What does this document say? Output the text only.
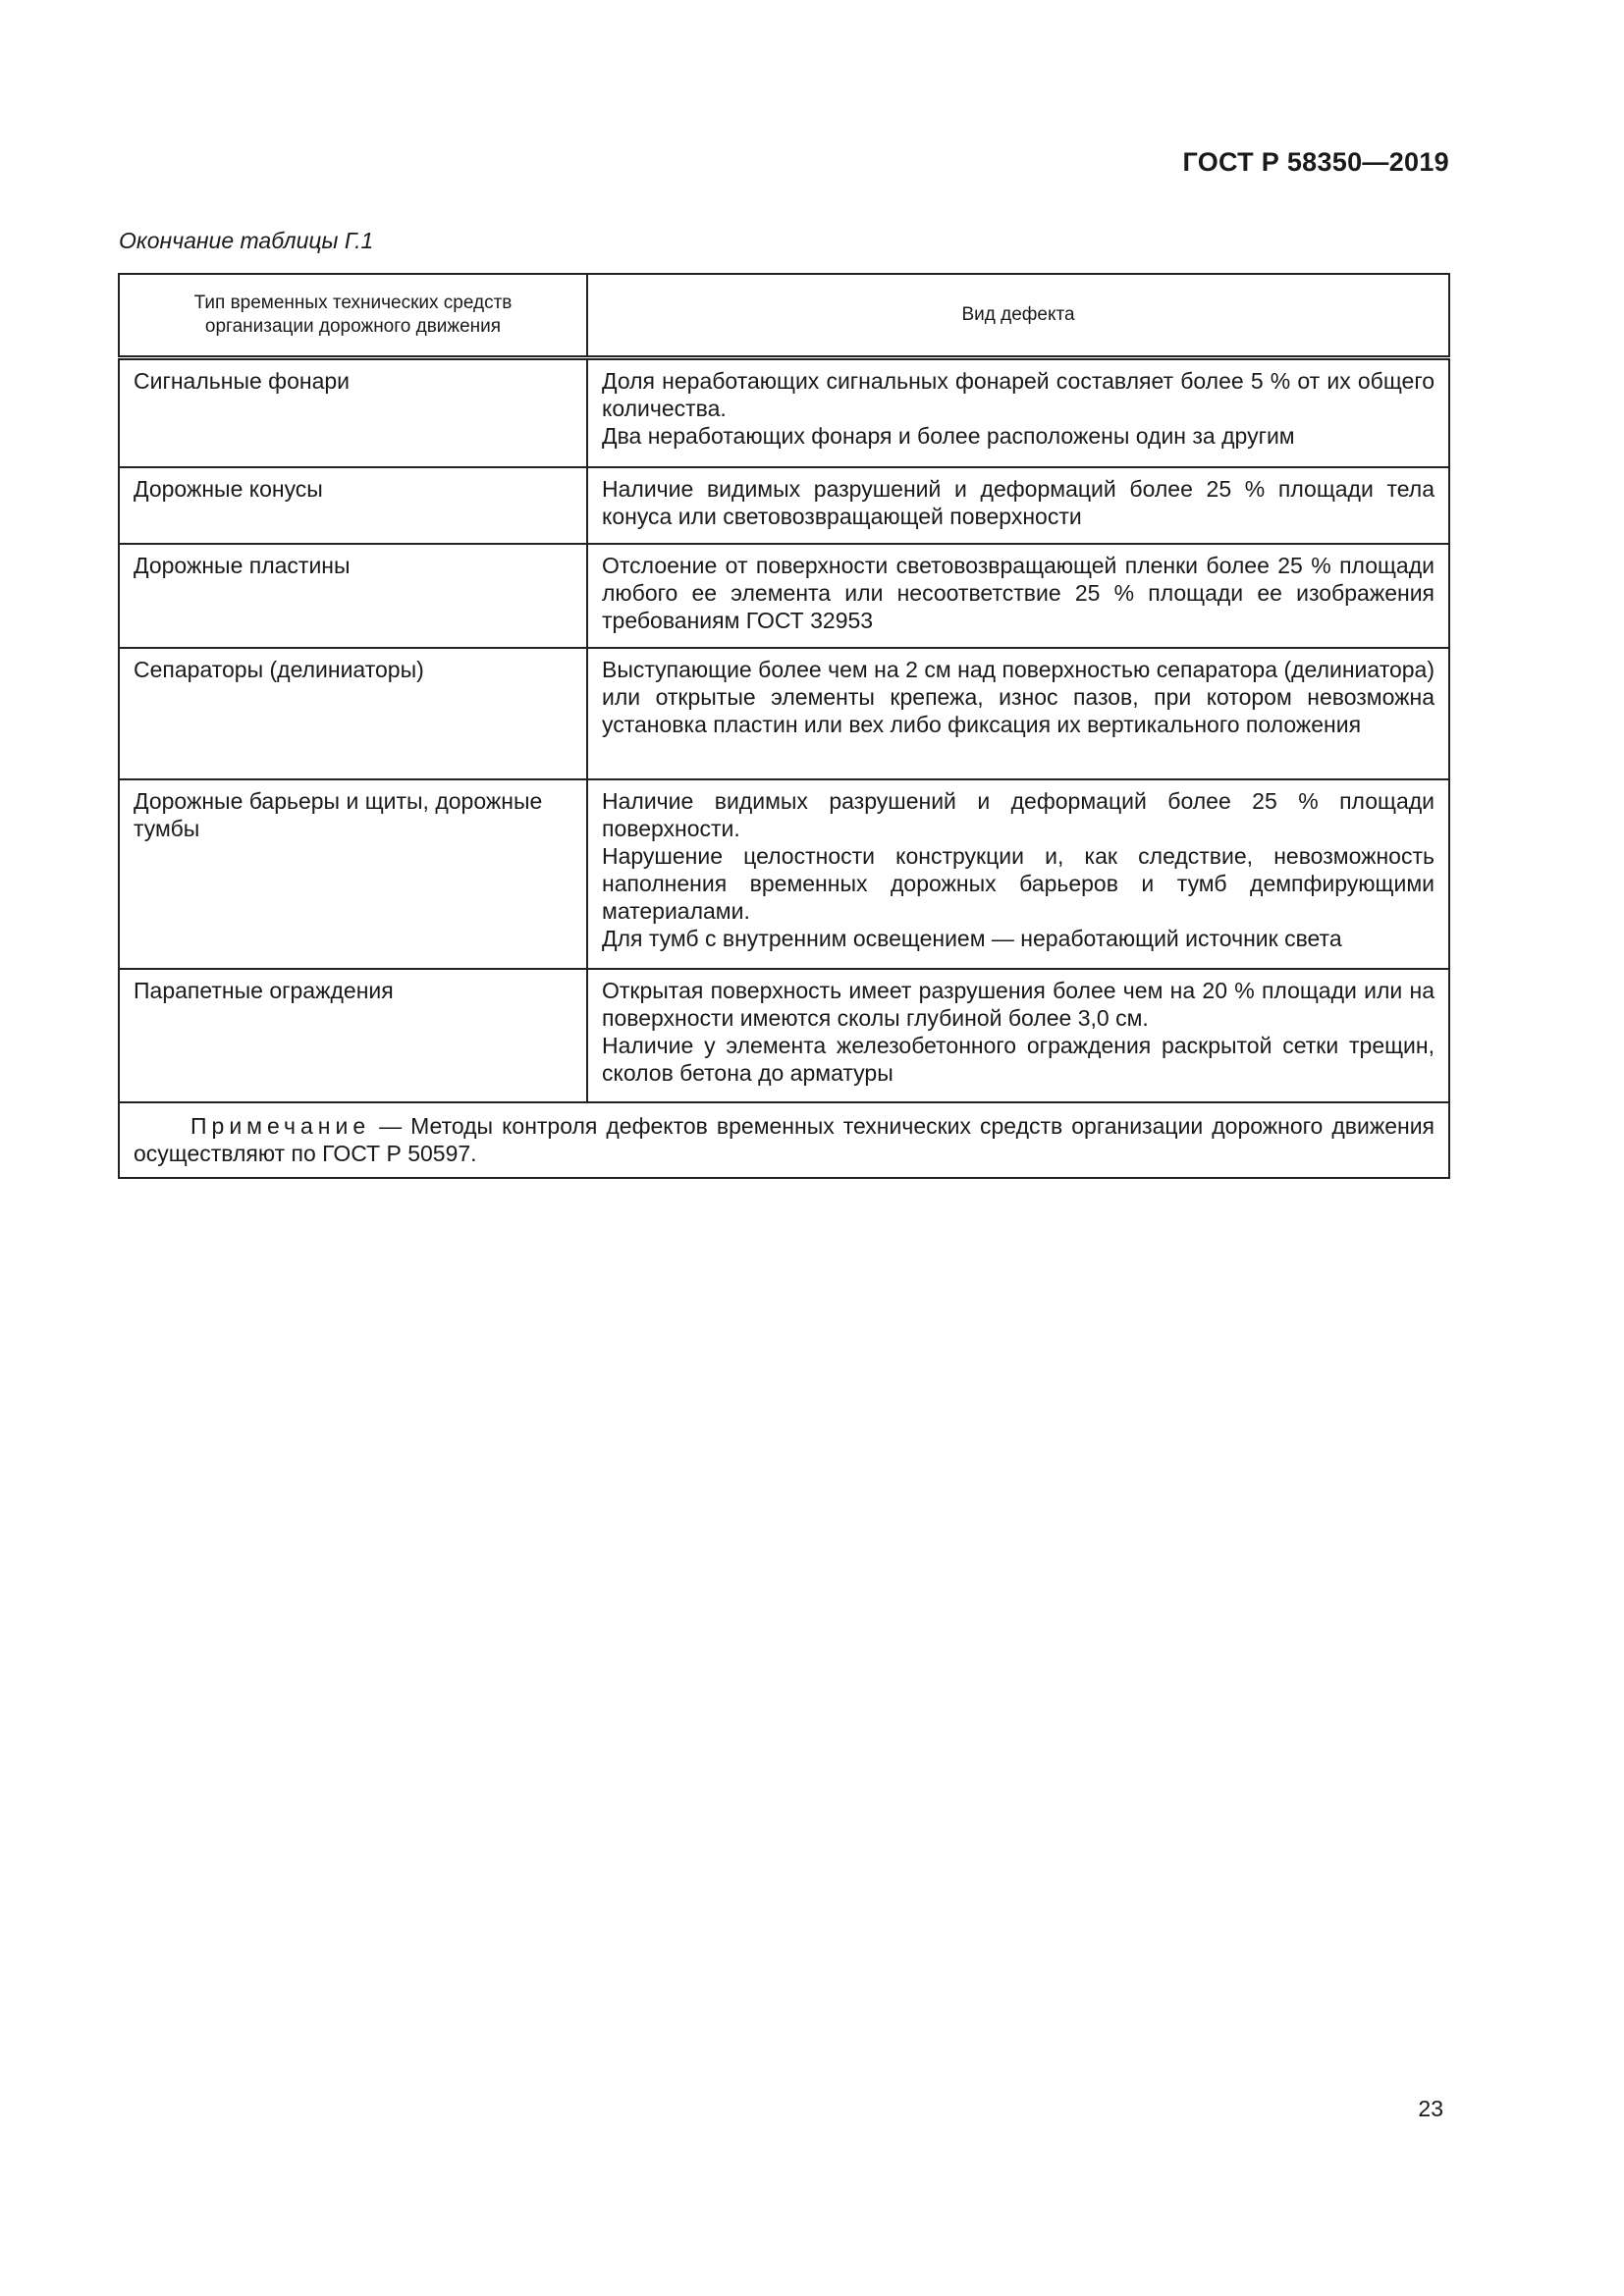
ГОСТ Р 58350—2019
Окончание таблицы Г.1
Тип временных технических средств организации дорожного движения	Вид дефекта
Сигнальные фонари	Доля неработающих сигнальных фонарей составляет более 5 % от их общего количества.
Два неработающих фонаря и более расположены один за другим

Дорожные конусы	Наличие видимых разрушений и деформаций более 25 % площади тела конуса или световозвращающей поверхности

Дорожные пластины	Отслоение от поверхности световозвращающей пленки более 25 % площади любого ее элемента или несоответствие 25 % площади ее изображения требованиям ГОСТ 32953

Сепараторы (делиниаторы)	Выступающие более чем на 2 см над поверхностью сепаратора (делиниатора) или открытые элементы крепежа, износ пазов, при котором невозможна установка пластин или вех либо фиксация их вертикального положения

Дорожные барьеры и щиты, дорожные тумбы	Наличие видимых разрушений и деформаций более 25 % площади поверхности.
Нарушение целостности конструкции и, как следствие, невозможность наполнения временных дорожных барьеров и тумб демпфирующими материалами.
Для тумб с внутренним освещением — неработающий источник света

Парапетные ограждения	Открытая поверхность имеет разрушения более чем на 20 % площади или на поверхности имеются сколы глубиной более 3,0 см.
Наличие у элемента железобетонного ограждения раскрытой сетки трещин, сколов бетона до арматуры

Примечание — Методы контроля дефектов временных технических средств организации дорожного движения осуществляют по ГОСТ Р 50597.	
23
